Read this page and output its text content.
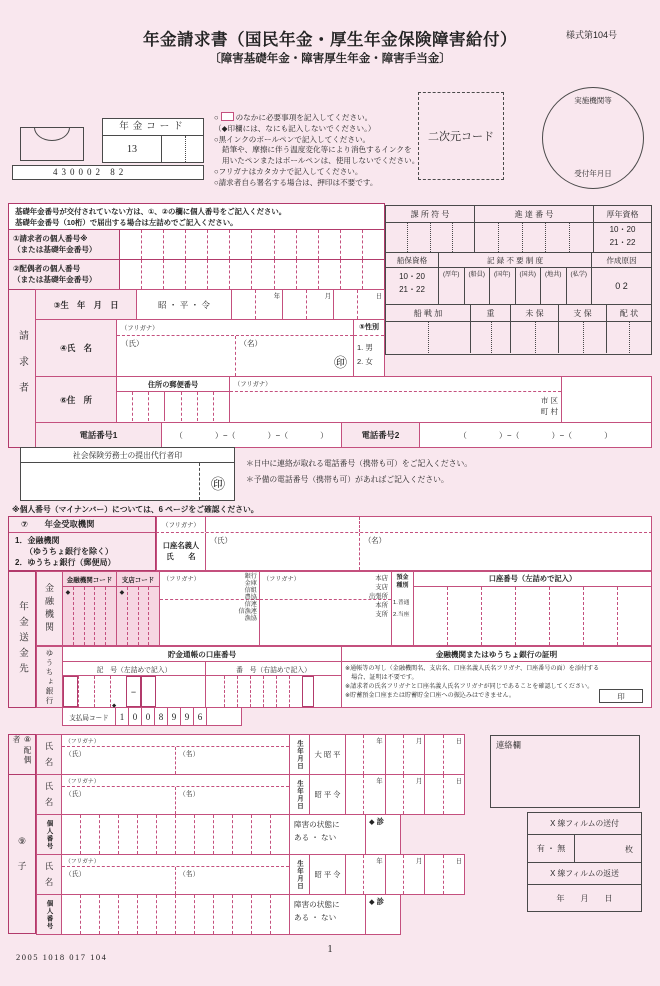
年金請求書（国民年金・厚生年金保険障害給付）
〔障害基礎年金・障害厚生年金・障害手当金〕
様式第104号
430002 82
年金コード
13
○ のなかに必要事項を記入してください。
（◆印欄には、なにも記入しないでください。）
○黒インクのボールペンで記入してください。
鉛筆や、摩擦に伴う温度変化等により消色するインクを
用いたペンまたはボールペンは、使用しないでください。
○フリガナはカタカナで記入してください。
○請求者自ら署名する場合は、押印は不要です。
二次元コード
実施機関等
受付年月日
課 所 符 号	進 達 番 号	厚年資格
10・20
21・22
船保資格	記 録 不 要 制 度	作成原因
10・20
21・22
(厚年)	(船員)	(国年)	(国共)	(地共)	(私学)
0 2
船 戦 加	重	未 保	支 保	配 状
基礎年金番号が交付されていない方は、①、②の欄に個人番号をご記入ください。
基礎年金番号（10桁）で届出する場合は左詰めでご記入ください。
①請求者の個人番号※
（または基礎年金番号）
②配偶者の個人番号
（または基礎年金番号）
請求者
③生　年　月　日	昭 ・ 平 ・ 令
年	月	日
④氏　名
（フリガナ）
（氏）	（名）
㊞
⑤性別
1. 男
2. 女
⑥住　所
住所の郵便番号	（フリガナ）
市 区
町 村
電話番号1	（　　　　）−（　　　　）−（　　　　）	電話番号2	（　　　　）−（　　　　）−（　　　　）
社会保険労務士の提出代行者印
㊞
＊日中に連絡が取れる電話番号（携帯も可）をご記入ください。
＊予備の電話番号（携帯も可）があればご記入ください。
※個人番号（マイナンバー）については、6 ページをご確認ください。
⑦　　年金受取機関
1．金融機関
（ゆうちょ銀行を除く）
2．ゆうちょ銀行（郵便局）
（フリガナ）
口座名義人
氏　　名
（氏）	（名）
年金送金先 金融機関
金融機関コード	支店コード
◆	◆
（フリガナ）	銀行
金庫
信組
農協
信連
信漁連
漁協
（フリガナ）	本店
支店
出張所
本所
支所
預金
種別
1.普通
2.当座
口座番号（左詰めで記入）
ゆうちょ銀行	貯金通帳の口座番号
記　号（左詰めで記入）	番　号（右詰めで記入）
−
金融機関またはゆうちょ銀行の証明
※通帳等の写し（金融機関名、支店名、口座名義人氏名フリガナ、口座番号の面）を添付する
　場合、証明は不要です。
※請求者の氏名フリガナと口座名義人氏名フリガナが同じであることを確認してください。
※貯蓄預金口座または貯蓄貯金口座への振込みはできません。	印
支払局コード	1 0 0 8 9 9 6
◆
⑧配偶者
⑨
子
氏
名
（フリガナ）
（氏）	（名）	生年月日	大 昭 平
年	月	日
氏
名
（フリガナ）
（氏）	（名）	生年月日	昭 平 令
年	月	日
個人番号	障害の状態に
ある ・ ない
◆ 診
氏
名
（フリガナ）
（氏）	（名）	生年月日	昭 平 令
年	月	日
個人番号	障害の状態に
ある ・ ない
◆ 診
連絡欄
X 線フィルムの送付
有 ・ 無	枚
X 線フィルムの返送
年　　月　　日
2005 1018 017 104
1
